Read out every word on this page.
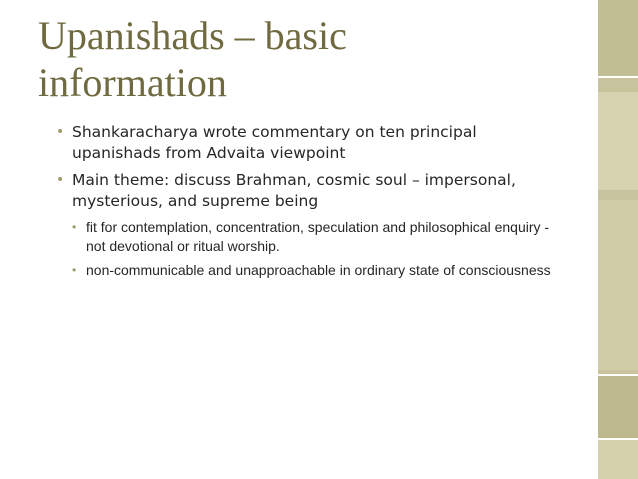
Upanishads – basic
information
• Shankaracharya wrote commentary on ten principal upanishads from Advaita viewpoint
• Main theme: discuss Brahman, cosmic soul – impersonal, mysterious, and supreme being
• fit for contemplation, concentration, speculation and philosophical enquiry - not devotional or ritual worship.
• non-communicable and unapproachable in ordinary state of consciousness
